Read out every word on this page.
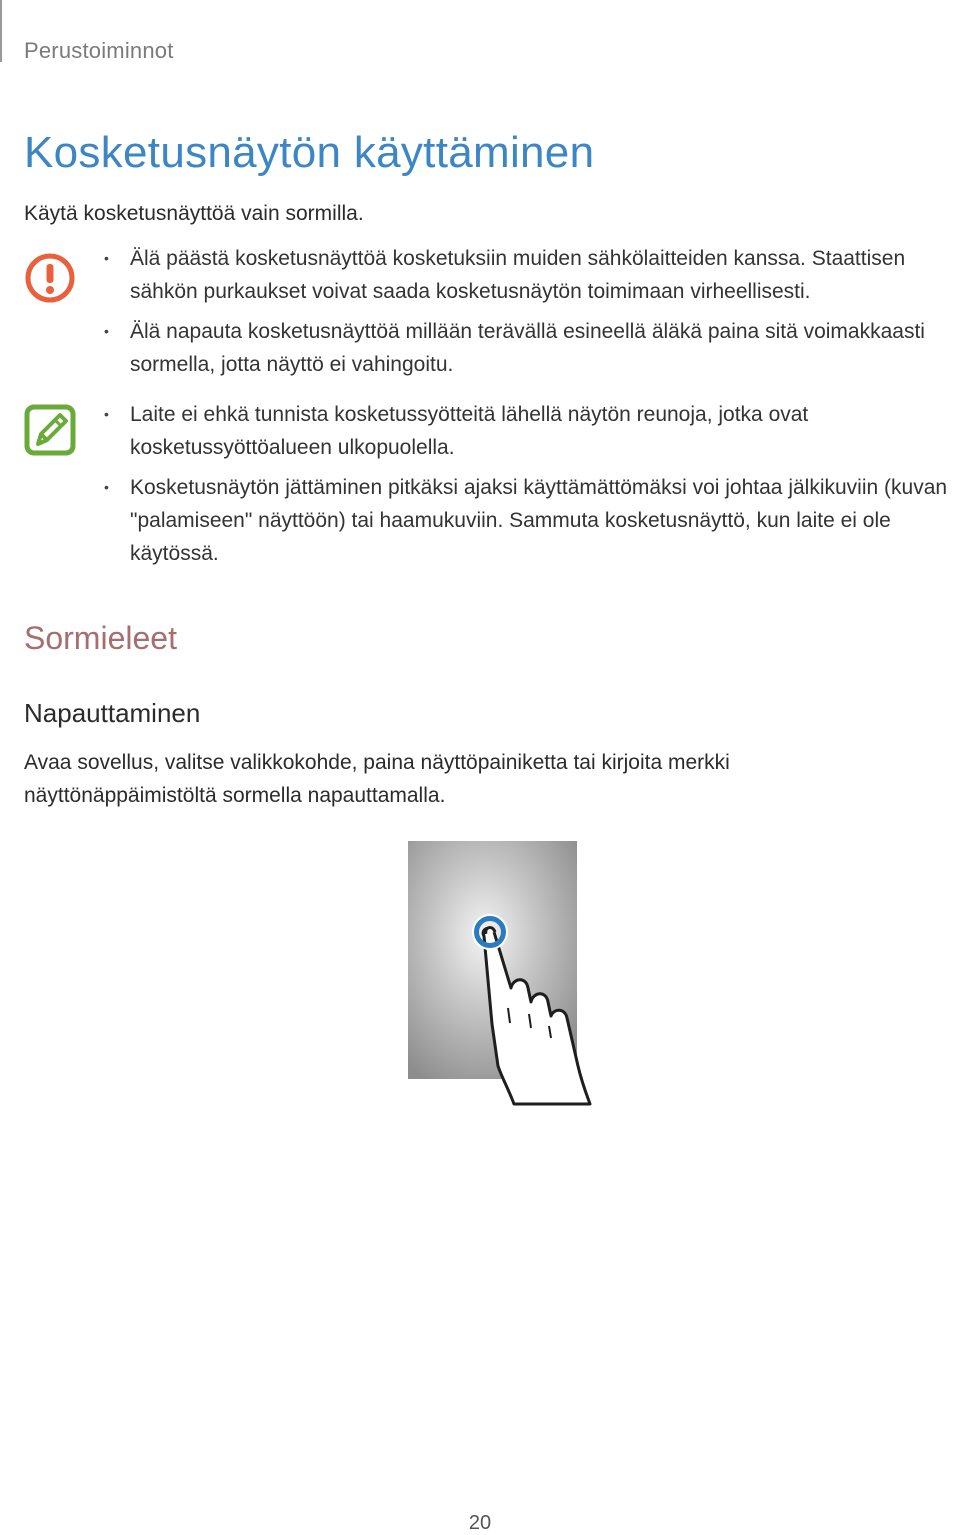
Perustoiminnot
Kosketusnäytön käyttäminen
Käytä kosketusnäyttöä vain sormilla.
• Älä päästä kosketusnäyttöä kosketuksiin muiden sähkölaitteiden kanssa. Staattisen sähkön purkaukset voivat saada kosketusnäytön toimimaan virheellisesti.
• Älä napauta kosketusnäyttöä millään terävällä esineellä äläkä paina sitä voimakkaasti sormella, jotta näyttö ei vahingoitu.
• Laite ei ehkä tunnista kosketussyötteitä lähellä näytön reunoja, jotka ovat kosketussyöttöalueen ulkopuolella.
• Kosketusnäytön jättäminen pitkäksi ajaksi käyttämättömäksi voi johtaa jälkikuviin (kuvan "palamiseen" näyttöön) tai haamukuviin. Sammuta kosketusnäyttö, kun laite ei ole käytössä.
Sormieleet
Napauttaminen

Avaa sovellus, valitse valikkokohde, paina näyttöpainiketta tai kirjoita merkki näyttönäppäimistöltä sormella napauttamalla.

20
